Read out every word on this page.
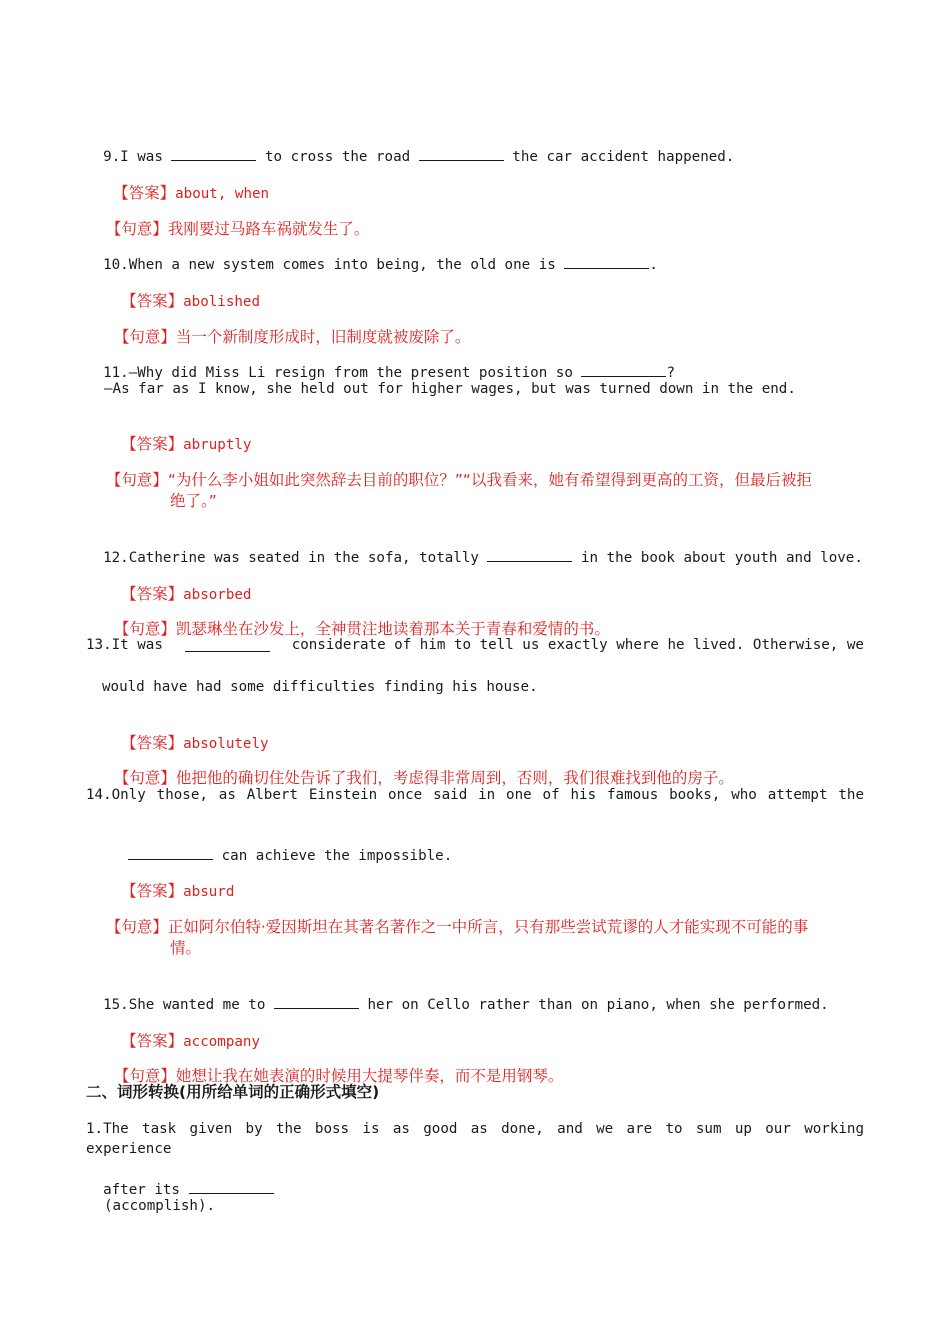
9.I was	to cross the road	the car accident happened.

【答案】about, when

【句意】我刚要过马路车祸就发生了。

10.When a new system comes into being, the old one is	.

【答案】abolished

【句意】当一个新制度形成时，旧制度就被废除了。

11.—Why did Miss Li resign from the present position so	?

—As far as I know, she held out for higher wages, but was turned down in the end.

【答案】abruptly

【句意】“为什么李小姐如此突然辞去目前的职位？”“以我看来，她有希望得到更高的工资，但最后被拒

绝了。”

12.Catherine was seated in the sofa, totally	in the book about youth and love.

【答案】absorbed

【句意】凯瑟琳坐在沙发上，全神贯注地读着那本关于青春和爱情的书。

13.It was	considerate of him to tell us exactly where he lived. Otherwise, we
would have had some difficulties finding his house.

【答案】absolutely

【句意】他把他的确切住处告诉了我们，考虑得非常周到，否则，我们很难找到他的房子。

14.Only those, as Albert Einstein once said in one of his famous books, who attempt the

can achieve the impossible.

【答案】absurd

【句意】正如阿尔伯特·爱因斯坦在其著名著作之一中所言，只有那些尝试荒谬的人才能实现不可能的事

情。

15.She wanted me to	her on Cello rather than on piano, when she performed.

【答案】accompany

【句意】她想让我在她表演的时候用大提琴伴奏，而不是用钢琴。

二、词形转换(用所给单词的正确形式填空)
1.The task given by the boss is as good as done, and we are to sum up our working experience

after its

(accomplish).
